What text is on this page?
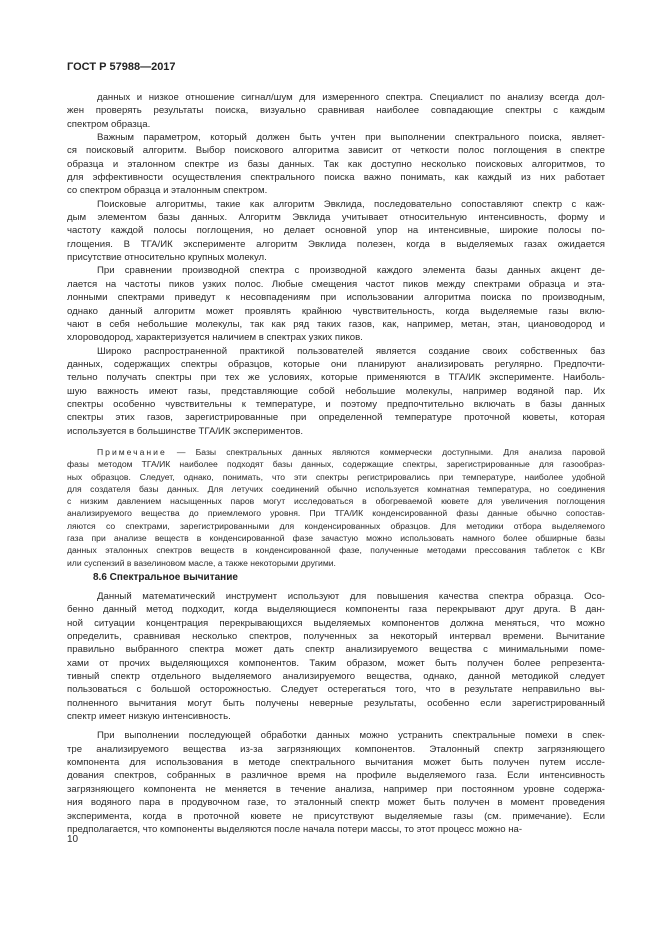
ГОСТ Р 57988—2017
данных и низкое отношение сигнал/шум для измеренного спектра. Специалист по анализу всегда дол-
жен проверять результаты поиска, визуально сравнивая наиболее совпадающие спектры с каждым
спектром образца.
Важным параметром, который должен быть учтен при выполнении спектрального поиска, являет-
ся поисковый алгоритм. Выбор поискового алгоритма зависит от четкости полос поглощения в спектре
образца и эталонном спектре из базы данных. Так как доступно несколько поисковых алгоритмов, то
для эффективности осуществления спектрального поиска важно понимать, как каждый из них работает
со спектром образца и эталонным спектром.
Поисковые алгоритмы, такие как алгоритм Эвклида, последовательно сопоставляют спектр с каж-
дым элементом базы данных. Алгоритм Эвклида учитывает относительную интенсивность, форму и
частоту каждой полосы поглощения, но делает основной упор на интенсивные, широкие полосы по-
глощения. В ТГА/ИК эксперименте алгоритм Эвклида полезен, когда в выделяемых газах ожидается
присутствие относительно крупных молекул.
При сравнении производной спектра с производной каждого элемента базы данных акцент де-
лается на частоты пиков узких полос. Любые смещения частот пиков между спектрами образца и эта-
лонными спектрами приведут к несовпадениям при использовании алгоритма поиска по производным,
однако данный алгоритм может проявлять крайнюю чувствительность, когда выделяемые газы вклю-
чают в себя небольшие молекулы, так как ряд таких газов, как, например, метан, этан, циановодород и
хлороводород, характеризуется наличием в спектрах узких пиков.
Широко распространенной практикой пользователей является создание своих собственных баз
данных, содержащих спектры образцов, которые они планируют анализировать регулярно. Предпочти-
тельно получать спектры при тех же условиях, которые применяются в ТГА/ИК эксперименте. Наиболь-
шую важность имеют газы, представляющие собой небольшие молекулы, например водяной пар. Их
спектры особенно чувствительны к температуре, и поэтому предпочтительно включать в базы данных
спектры этих газов, зарегистрированные при определенной температуре проточной кюветы, которая
используется в большинстве ТГА/ИК экспериментов.
Примечание — Базы спектральных данных являются коммерчески доступными. Для анализа паровой
фазы методом ТГА/ИК наиболее подходят базы данных, содержащие спектры, зарегистрированные для газообраз-
ных образцов. Следует, однако, понимать, что эти спектры регистрировались при температуре, наиболее удобной
для создателя базы данных. Для летучих соединений обычно используется комнатная температура, но соединения
с низким давлением насыщенных паров могут исследоваться в обогреваемой кювете для увеличения поглощения
анализируемого вещества до приемлемого уровня. При ТГА/ИК конденсированной фазы данные обычно сопостав-
ляются со спектрами, зарегистрированными для конденсированных образцов. Для методики отбора выделяемого
газа при анализе веществ в конденсированной фазе зачастую можно использовать намного более обширные базы
данных эталонных спектров веществ в конденсированной фазе, полученные методами прессования таблеток с KBr
или суспензий в вазелиновом масле, а также некоторыми другими.
8.6 Спектральное вычитание
Данный математический инструмент используют для повышения качества спектра образца. Осо-
бенно данный метод подходит, когда выделяющиеся компоненты газа перекрывают друг друга. В дан-
ной ситуации концентрация перекрывающихся выделяемых компонентов должна меняться, что можно
определить, сравнивая несколько спектров, полученных за некоторый интервал времени. Вычитание
правильно выбранного спектра может дать спектр анализируемого вещества с минимальными поме-
хами от прочих выделяющихся компонентов. Таким образом, может быть получен более репрезента-
тивный спектр отдельного выделяемого анализируемого вещества, однако, данной методикой следует
пользоваться с большой осторожностью. Следует остерегаться того, что в результате неправильно вы-
полненного вычитания могут быть получены неверные результаты, особенно если зарегистрированный
спектр имеет низкую интенсивность.
При выполнении последующей обработки данных можно устранить спектральные помехи в спек-
тре анализируемого вещества из-за загрязняющих компонентов. Эталонный спектр загрязняющего
компонента для использования в методе спектрального вычитания может быть получен путем иссле-
дования спектров, собранных в различное время на профиле выделяемого газа. Если интенсивность
загрязняющего компонента не меняется в течение анализа, например при постоянном уровне содержа-
ния водяного пара в продувочном газе, то эталонный спектр может быть получен в момент проведения
эксперимента, когда в проточной кювете не присутствуют выделяемые газы (см. примечание). Если
предполагается, что компоненты выделяются после начала потери массы, то этот процесс можно на-
10
